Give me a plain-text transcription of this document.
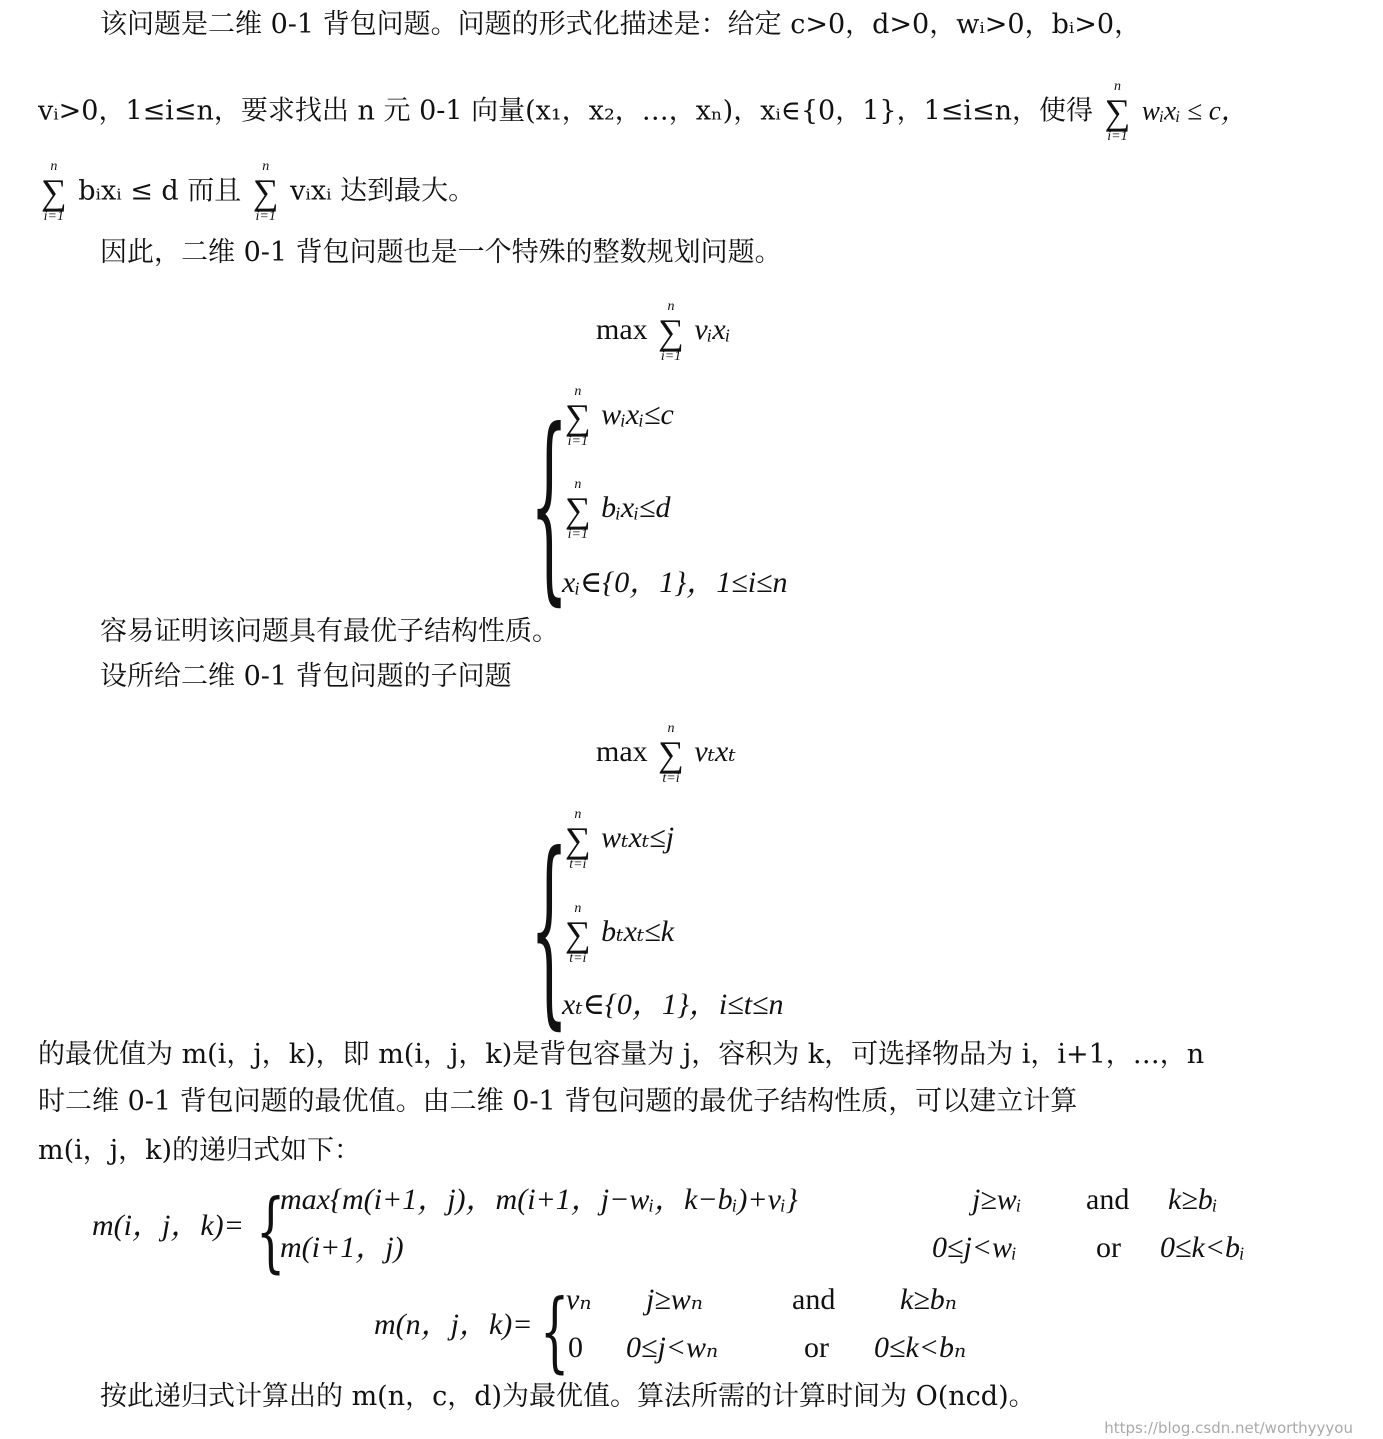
该问题是二维 0-1 背包问题。问题的形式化描述是：给定 c>0，d>0，wᵢ>0，bᵢ>0，
vᵢ>0，1≤i≤n，要求找出 n 元 0-1 向量(x₁，x₂，…，xₙ)，xᵢ∈{0，1}，1≤i≤n，使得
n
∑
i=1
wᵢxᵢ ≤ c，
n
∑
i=1
bᵢxᵢ ≤ d 而且
n
∑
i=1
vᵢxᵢ 达到最大。
因此，二维 0-1 背包问题也是一个特殊的整数规划问题。
max
n
∑
i=1
vᵢxᵢ
{ n
∑
i=1
wᵢxᵢ≤c
n
∑
i=1
bᵢxᵢ≤d
xᵢ∈{0，1}，1≤i≤n
容易证明该问题具有最优子结构性质。
设所给二维 0-1 背包问题的子问题
max
n
∑
t=i
vₜxₜ
{ n
∑
t=i
wₜxₜ≤j
n
∑
t=i
bₜxₜ≤k
xₜ∈{0，1}，i≤t≤n
的最优值为 m(i，j，k)，即 m(i，j，k)是背包容量为 j，容积为 k，可选择物品为 i，i+1，…，n
时二维 0-1 背包问题的最优值。由二维 0-1 背包问题的最优子结构性质，可以建立计算
m(i，j，k)的递归式如下：
m(i，j，k)= {
max{m(i+1，j)，m(i+1，j−wᵢ，k−bᵢ)+vᵢ}	j≥wᵢ and k≥bᵢ
m(i+1，j)	0≤j<wᵢ	or 0≤k<bᵢ
m(n，j，k)= {
vₙ j≥wₙ	and k≥bₙ
0 0≤j<wₙ	or 0≤k<bₙ
按此递归式计算出的 m(n，c，d)为最优值。算法所需的计算时间为 O(ncd)。
https://blog.csdn.net/worthyyyou
